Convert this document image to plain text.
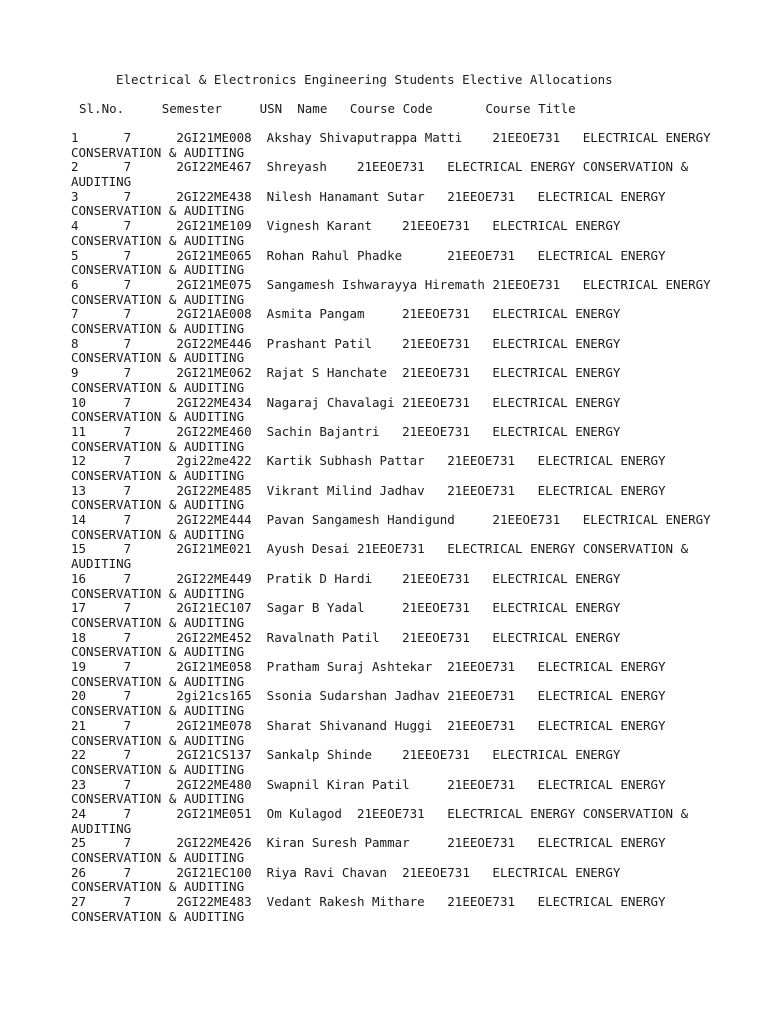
Electrical & Electronics Engineering Students Elective Allocations
Sl.No.     Semester     USN  Name   Course Code       Course Title
1      7      2GI21ME008  Akshay Shivaputrappa Matti    21EEOE731   ELECTRICAL ENERGY
CONSERVATION & AUDITING
2      7      2GI22ME467  Shreyash    21EEOE731   ELECTRICAL ENERGY CONSERVATION &
AUDITING
3      7      2GI22ME438  Nilesh Hanamant Sutar   21EEOE731   ELECTRICAL ENERGY
CONSERVATION & AUDITING
4      7      2GI21ME109  Vignesh Karant    21EEOE731   ELECTRICAL ENERGY
CONSERVATION & AUDITING
5      7      2GI21ME065  Rohan Rahul Phadke      21EEOE731   ELECTRICAL ENERGY
CONSERVATION & AUDITING
6      7      2GI21ME075  Sangamesh Ishwarayya Hiremath 21EEOE731   ELECTRICAL ENERGY
CONSERVATION & AUDITING
7      7      2GI21AE008  Asmita Pangam     21EEOE731   ELECTRICAL ENERGY
CONSERVATION & AUDITING
8      7      2GI22ME446  Prashant Patil    21EEOE731   ELECTRICAL ENERGY
CONSERVATION & AUDITING
9      7      2GI21ME062  Rajat S Hanchate  21EEOE731   ELECTRICAL ENERGY
CONSERVATION & AUDITING
10     7      2GI22ME434  Nagaraj Chavalagi 21EEOE731   ELECTRICAL ENERGY
CONSERVATION & AUDITING
11     7      2GI22ME460  Sachin Bajantri   21EEOE731   ELECTRICAL ENERGY
CONSERVATION & AUDITING
12     7      2gi22me422  Kartik Subhash Pattar   21EEOE731   ELECTRICAL ENERGY
CONSERVATION & AUDITING
13     7      2GI22ME485  Vikrant Milind Jadhav   21EEOE731   ELECTRICAL ENERGY
CONSERVATION & AUDITING
14     7      2GI22ME444  Pavan Sangamesh Handigund     21EEOE731   ELECTRICAL ENERGY
CONSERVATION & AUDITING
15     7      2GI21ME021  Ayush Desai 21EEOE731   ELECTRICAL ENERGY CONSERVATION &
AUDITING
16     7      2GI22ME449  Pratik D Hardi    21EEOE731   ELECTRICAL ENERGY
CONSERVATION & AUDITING
17     7      2GI21EC107  Sagar B Yadal     21EEOE731   ELECTRICAL ENERGY
CONSERVATION & AUDITING
18     7      2GI22ME452  Ravalnath Patil   21EEOE731   ELECTRICAL ENERGY
CONSERVATION & AUDITING
19     7      2GI21ME058  Pratham Suraj Ashtekar  21EEOE731   ELECTRICAL ENERGY
CONSERVATION & AUDITING
20     7      2gi21cs165  Ssonia Sudarshan Jadhav 21EEOE731   ELECTRICAL ENERGY
CONSERVATION & AUDITING
21     7      2GI21ME078  Sharat Shivanand Huggi  21EEOE731   ELECTRICAL ENERGY
CONSERVATION & AUDITING
22     7      2GI21CS137  Sankalp Shinde    21EEOE731   ELECTRICAL ENERGY
CONSERVATION & AUDITING
23     7      2GI22ME480  Swapnil Kiran Patil     21EEOE731   ELECTRICAL ENERGY
CONSERVATION & AUDITING
24     7      2GI21ME051  Om Kulagod  21EEOE731   ELECTRICAL ENERGY CONSERVATION &
AUDITING
25     7      2GI22ME426  Kiran Suresh Pammar     21EEOE731   ELECTRICAL ENERGY
CONSERVATION & AUDITING
26     7      2GI21EC100  Riya Ravi Chavan  21EEOE731   ELECTRICAL ENERGY
CONSERVATION & AUDITING
27     7      2GI22ME483  Vedant Rakesh Mithare   21EEOE731   ELECTRICAL ENERGY
CONSERVATION & AUDITING
